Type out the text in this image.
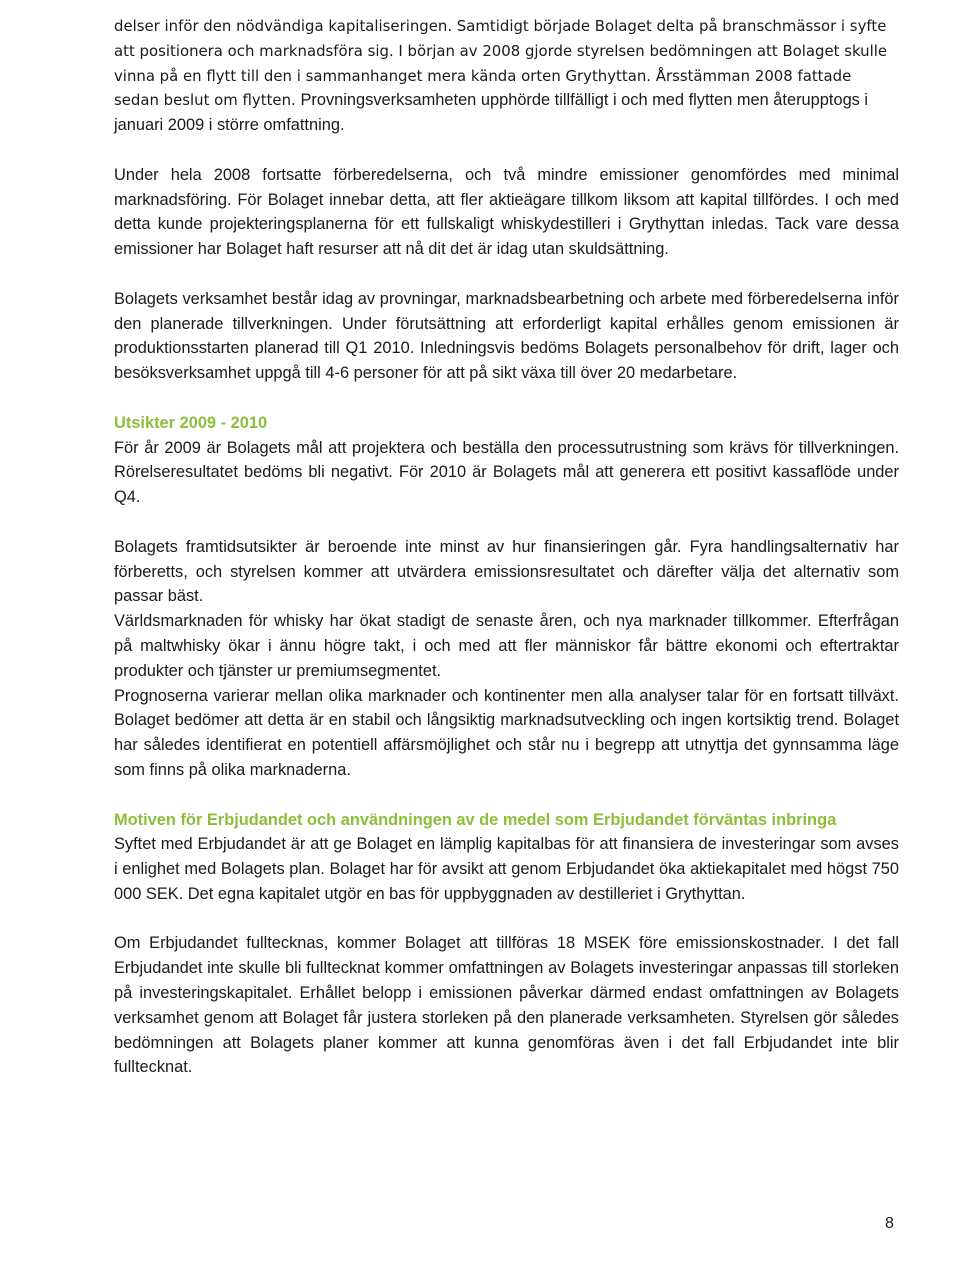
delser inför den nödvändiga kapitaliseringen. Samtidigt började Bolaget delta på branschmässor i syfte att positionera och marknadsföra sig. I början av 2008 gjorde styrelsen bedömningen att Bolaget skulle vinna på en flytt till den i sammanhanget mera kända orten Grythyttan. Årsstämman 2008 fattade sedan beslut om flytten. Provningsverksamheten upphörde tillfälligt i och med flytten men återupptogs i januari 2009 i större omfattning.

Under hela 2008 fortsatte förberedelserna, och två mindre emissioner genomfördes med minimal marknadsföring. För Bolaget innebar detta, att fler aktieägare tillkom liksom att kapital tillfördes. I och med detta kunde projekteringsplanerna för ett fullskaligt whiskydestilleri i Grythyttan inledas. Tack vare dessa emissioner har Bolaget haft resurser att nå dit det är idag utan skuldsättning.

Bolagets verksamhet består idag av provningar, marknadsbearbetning och arbete med förberedelserna inför den planerade tillverkningen. Under förutsättning att erforderligt kapital erhålles genom emissionen är produktionsstarten planerad till Q1 2010. Inledningsvis bedöms Bolagets personalbehov för drift, lager och besöksverksamhet uppgå till 4-6 personer för att på sikt växa till över 20 medarbetare.

Utsikter 2009 - 2010

För år 2009 är Bolagets mål att projektera och beställa den processutrustning som krävs för tillverkningen. Rörelseresultatet bedöms bli negativt. För 2010 är Bolagets mål att generera ett positivt kassaflöde under Q4.

Bolagets framtidsutsikter är beroende inte minst av hur finansieringen går. Fyra handlingsalternativ har förberetts, och styrelsen kommer att utvärdera emissionsresultatet och därefter välja det alternativ som passar bäst.

Världsmarknaden för whisky har ökat stadigt de senaste åren, och nya marknader tillkommer. Efterfrågan på maltwhisky ökar i ännu högre takt, i och med att fler människor får bättre ekonomi och eftertraktar produkter och tjänster ur premiumsegmentet.

Prognoserna varierar mellan olika marknader och kontinenter men alla analyser talar för en fortsatt tillväxt. Bolaget bedömer att detta är en stabil och långsiktig marknadsutveckling och ingen kortsiktig trend. Bolaget har således identifierat en potentiell affärsmöjlighet och står nu i begrepp att utnyttja det gynnsamma läge som finns på olika marknaderna.

Motiven för Erbjudandet och användningen av de medel som Erbjudandet förväntas inbringa

Syftet med Erbjudandet är att ge Bolaget en lämplig kapitalbas för att finansiera de investeringar som avses i enlighet med Bolagets plan. Bolaget har för avsikt att genom Erbjudandet öka aktiekapitalet med högst 750 000 SEK. Det egna kapitalet utgör en bas för uppbyggnaden av destilleriet i Grythyttan.

Om Erbjudandet fulltecknas, kommer Bolaget att tillföras 18 MSEK före emissionskostnader. I det fall Erbjudandet inte skulle bli fulltecknat kommer omfattningen av Bolagets investeringar anpassas till storleken på investeringskapitalet. Erhållet belopp i emissionen påverkar därmed endast omfattningen av Bolagets verksamhet genom att Bolaget får justera storleken på den planerade verksamheten. Styrelsen gör således bedömningen att Bolagets planer kommer att kunna genomföras även i det fall Erbjudandet inte blir fulltecknat.

8
